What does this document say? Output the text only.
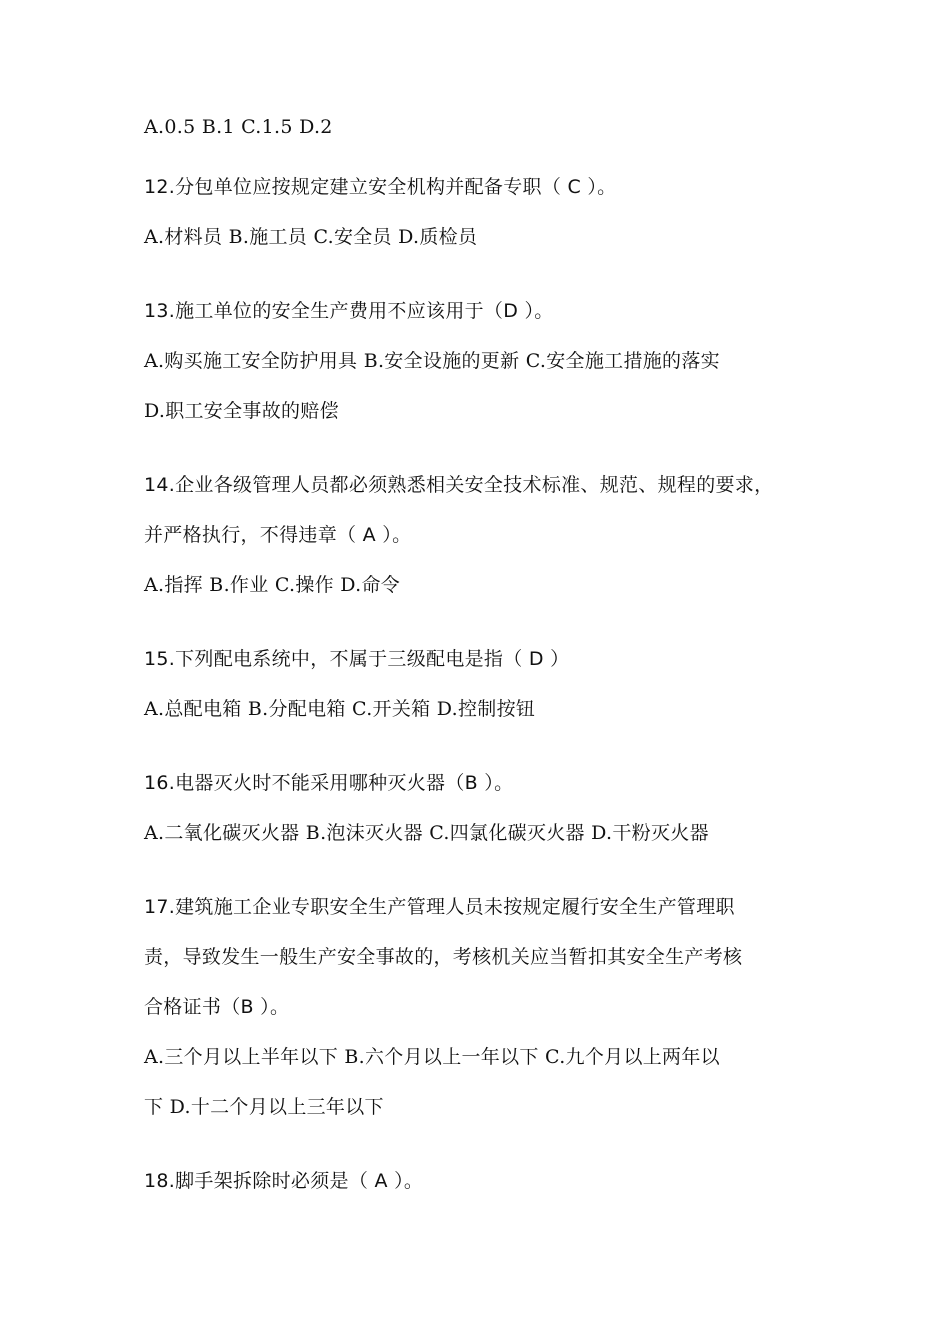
A.0.5 B.1 C.1.5 D.2
12.分包单位应按规定建立安全机构并配备专职（ C ）。
A.材料员 B.施工员 C.安全员 D.质检员
13.施工单位的安全生产费用不应该用于（D ）。
A.购买施工安全防护用具 B.安全设施的更新 C.安全施工措施的落实
D.职工安全事故的赔偿
14.企业各级管理人员都必须熟悉相关安全技术标准、规范、规程的要求，
并严格执行，不得违章（ A ）。
A.指挥 B.作业 C.操作 D.命令
15.下列配电系统中，不属于三级配电是指（ D ）
A.总配电箱 B.分配电箱 C.开关箱 D.控制按钮
16.电器灭火时不能采用哪种灭火器（B ）。
A.二氧化碳灭火器 B.泡沫灭火器 C.四氯化碳灭火器 D.干粉灭火器
17.建筑施工企业专职安全生产管理人员未按规定履行安全生产管理职
责，导致发生一般生产安全事故的，考核机关应当暂扣其安全生产考核
合格证书（B ）。
A.三个月以上半年以下 B.六个月以上一年以下 C.九个月以上两年以
下 D.十二个月以上三年以下
18.脚手架拆除时必须是（ A ）。
